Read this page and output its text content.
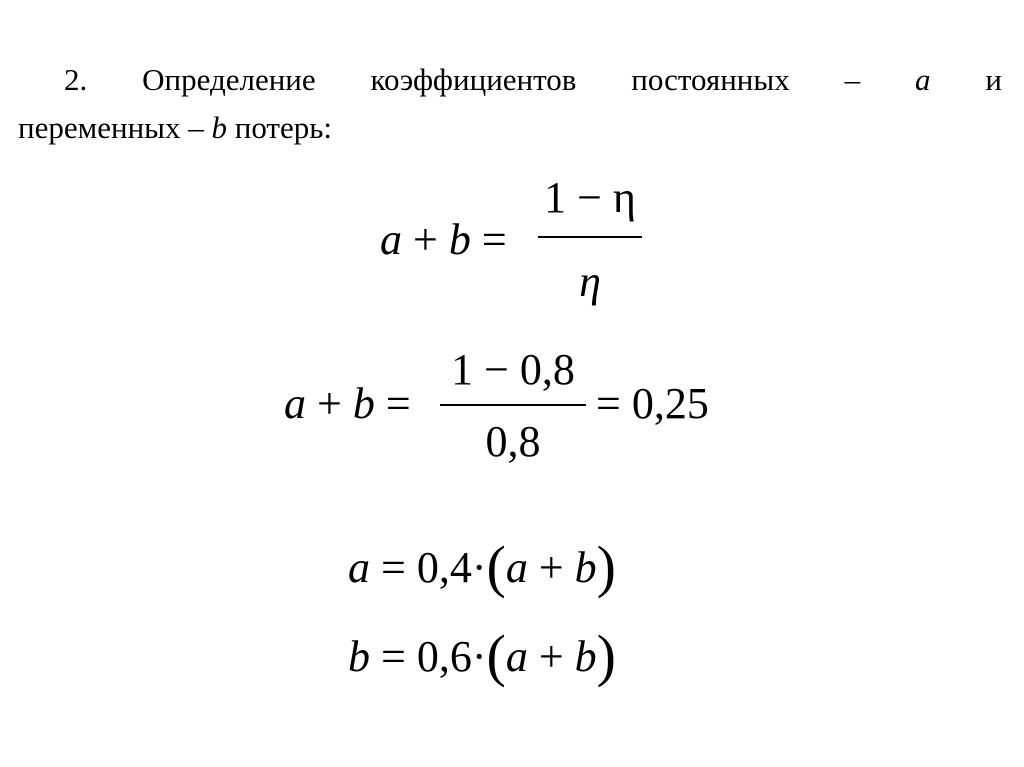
2. Определение коэффициентов постоянных – a и
переменных – b потерь:
a + b =
1 − η
η
a + b =
1 − 0,8
0,8
= 0,25
a = 0,4·(a + b)
b = 0,6·(a + b)
